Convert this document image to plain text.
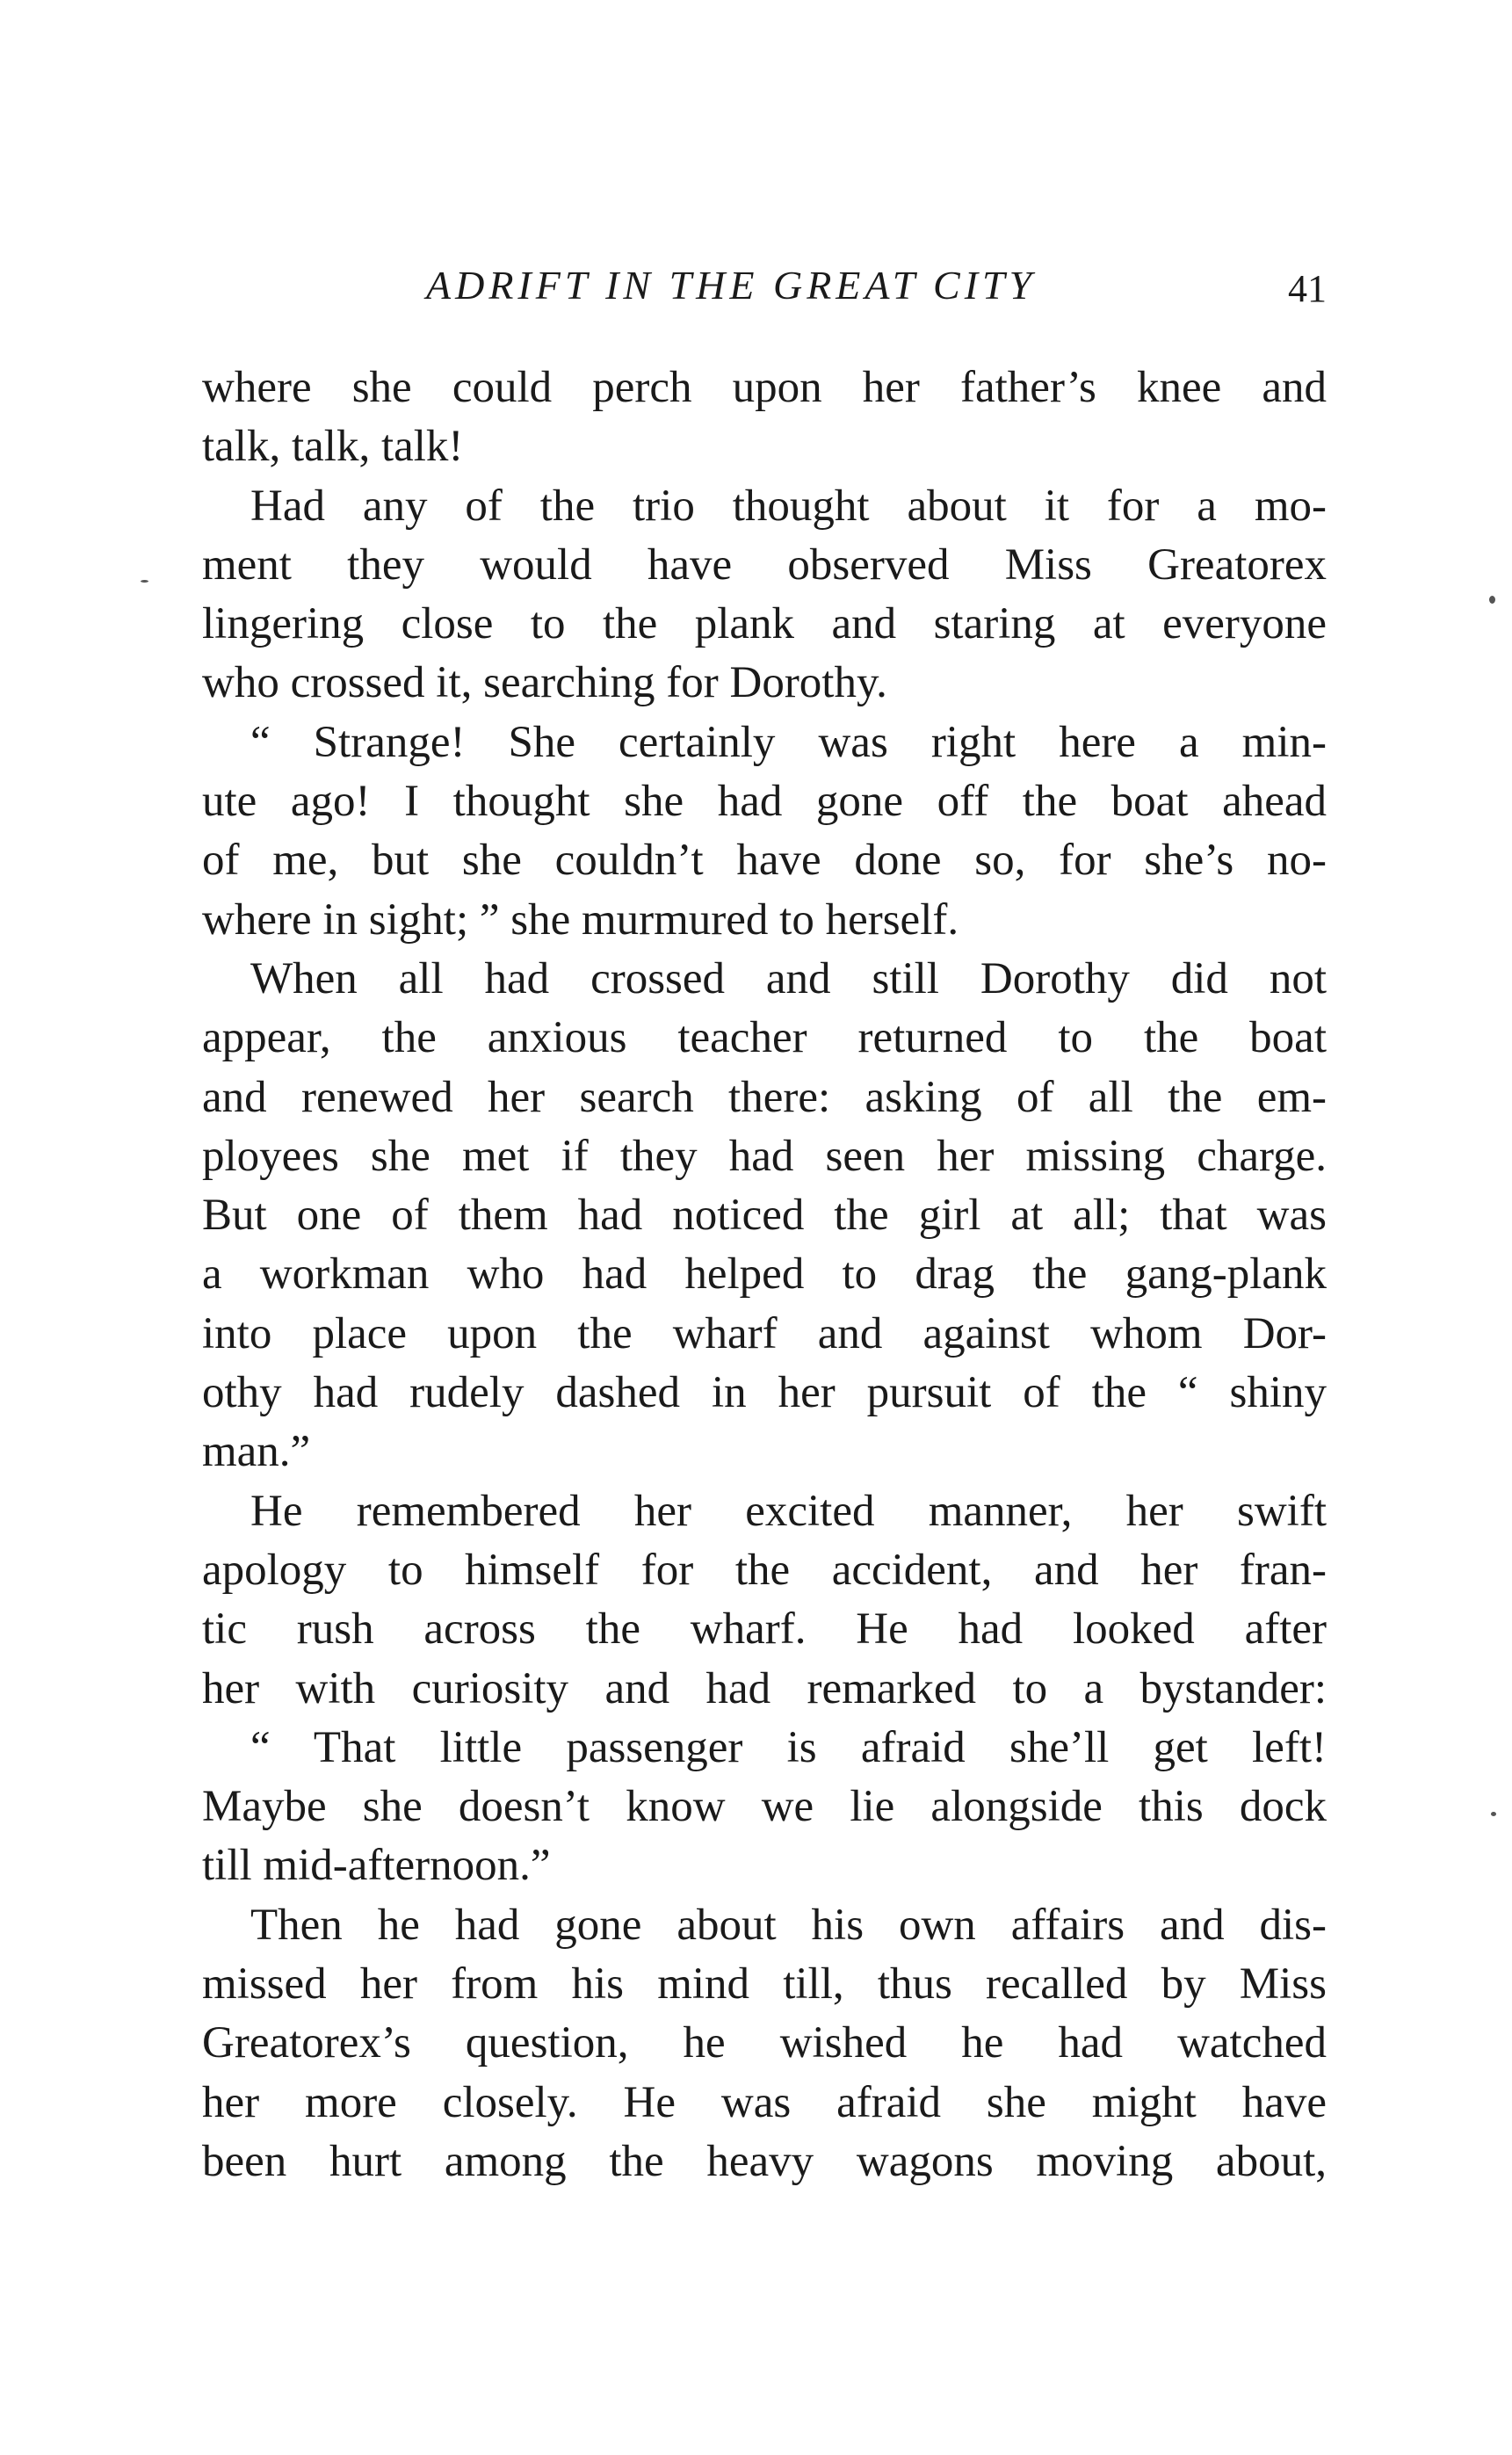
ADRIFT IN THE GREAT CITY	41
where she could perch upon her father’s knee and
talk, talk, talk!
Had any of the trio thought about it for a mo-
ment they would have observed Miss Greatorex
lingering close to the plank and staring at everyone
who crossed it, searching for Dorothy.
“ Strange! She certainly was right here a min-
ute ago! I thought she had gone off the boat ahead
of me, but she couldn’t have done so, for she’s no-
where in sight; ” she murmured to herself.
When all had crossed and still Dorothy did not
appear, the anxious teacher returned to the boat
and renewed her search there: asking of all the em-
ployees she met if they had seen her missing charge.
But one of them had noticed the girl at all; that was
a workman who had helped to drag the gang-plank
into place upon the wharf and against whom Dor-
othy had rudely dashed in her pursuit of the “ shiny
man.”
He remembered her excited manner, her swift
apology to himself for the accident, and her fran-
tic rush across the wharf. He had looked after
her with curiosity and had remarked to a bystander:
“ That little passenger is afraid she’ll get left!
Maybe she doesn’t know we lie alongside this dock
till mid-afternoon.”
Then he had gone about his own affairs and dis-
missed her from his mind till, thus recalled by Miss
Greatorex’s question, he wished he had watched
her more closely. He was afraid she might have
been hurt among the heavy wagons moving about,
